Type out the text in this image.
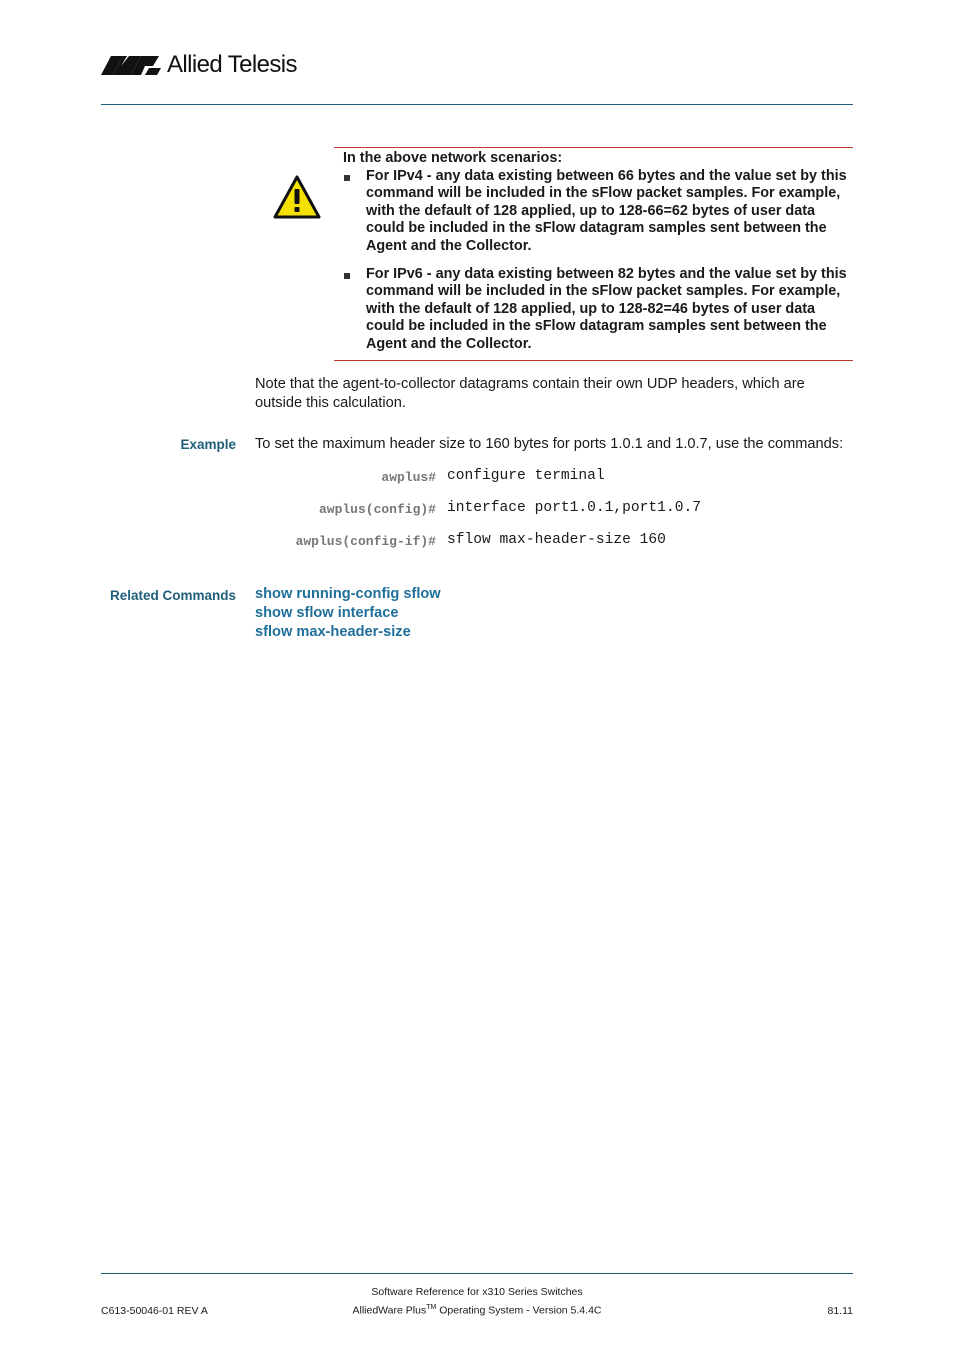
Allied Telesis

In the above network scenarios:

For IPv4 - any data existing between 66 bytes and the value set by this command will be included in the sFlow packet samples. For example, with the default of 128 applied, up to 128-66=62 bytes of user data could be included in the sFlow datagram samples sent between the Agent and the Collector.

For IPv6 - any data existing between 82 bytes and the value set by this command will be included in the sFlow packet samples. For example, with the default of 128 applied, up to 128-82=46 bytes of user data could be included in the sFlow datagram samples sent between the Agent and the Collector.

Note that the agent-to-collector datagrams contain their own UDP headers, which are outside this calculation.
Example To set the maximum header size to 160 bytes for ports 1.0.1 and 1.0.7, use the commands:
awplus# configure terminal
awplus(config)# interface port1.0.1,port1.0.7
awplus(config-if)# sflow max-header-size 160
Related Commands show running-config sflow
show sflow interface
sflow max-header-size
Software Reference for x310 Series Switches
C613-50046-01 REV A	AlliedWare Plus™ Operating System - Version 5.4.4C	81.11
